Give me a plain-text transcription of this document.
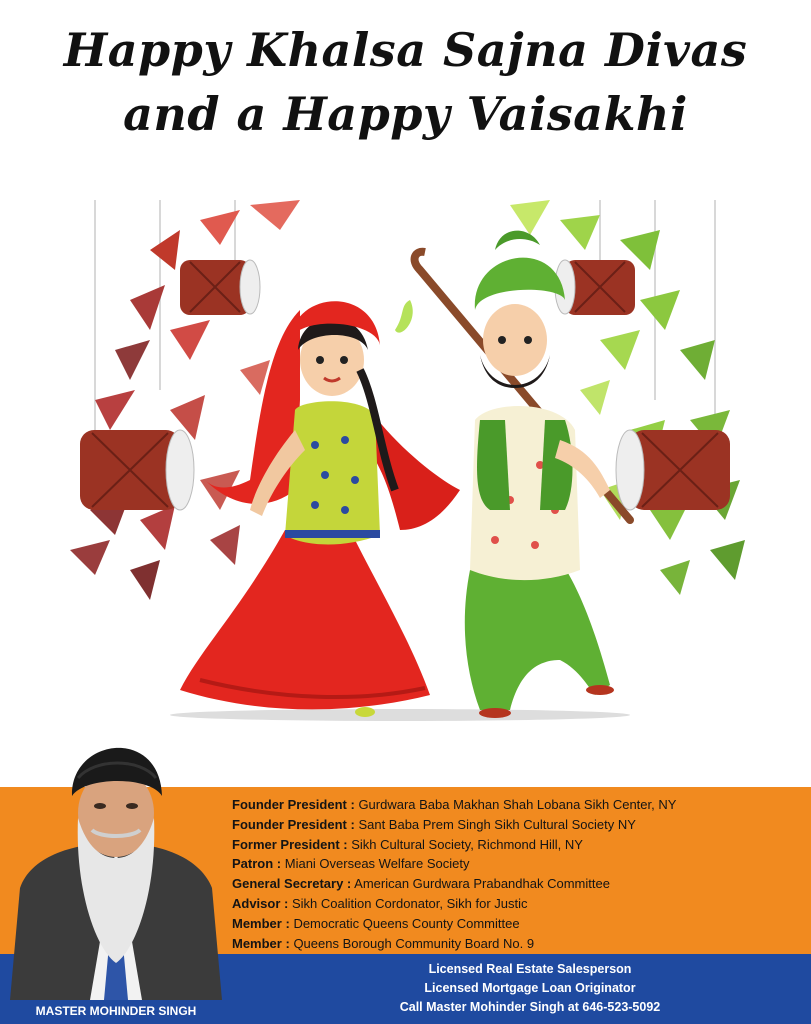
Happy Khalsa Sajna Divas
and a Happy Vaisakhi
Founder President : Gurdwara Baba Makhan Shah Lobana Sikh Center, NY
Founder President : Sant Baba Prem Singh Sikh Cultural Society NY
Former President : Sikh Cultural Society, Richmond Hill, NY
Patron : Miani Overseas Welfare Society
General Secretary : American Gurdwara Prabandhak Committee
Advisor : Sikh Coalition Cordonator, Sikh for Justic
Member : Democratic Queens County Committee
Member : Queens Borough Community Board No. 9
Licensed Real Estate Salesperson
Licensed Mortgage Loan Originator
Call Master Mohinder Singh at 646-523-5092
MASTER MOHINDER SINGH
